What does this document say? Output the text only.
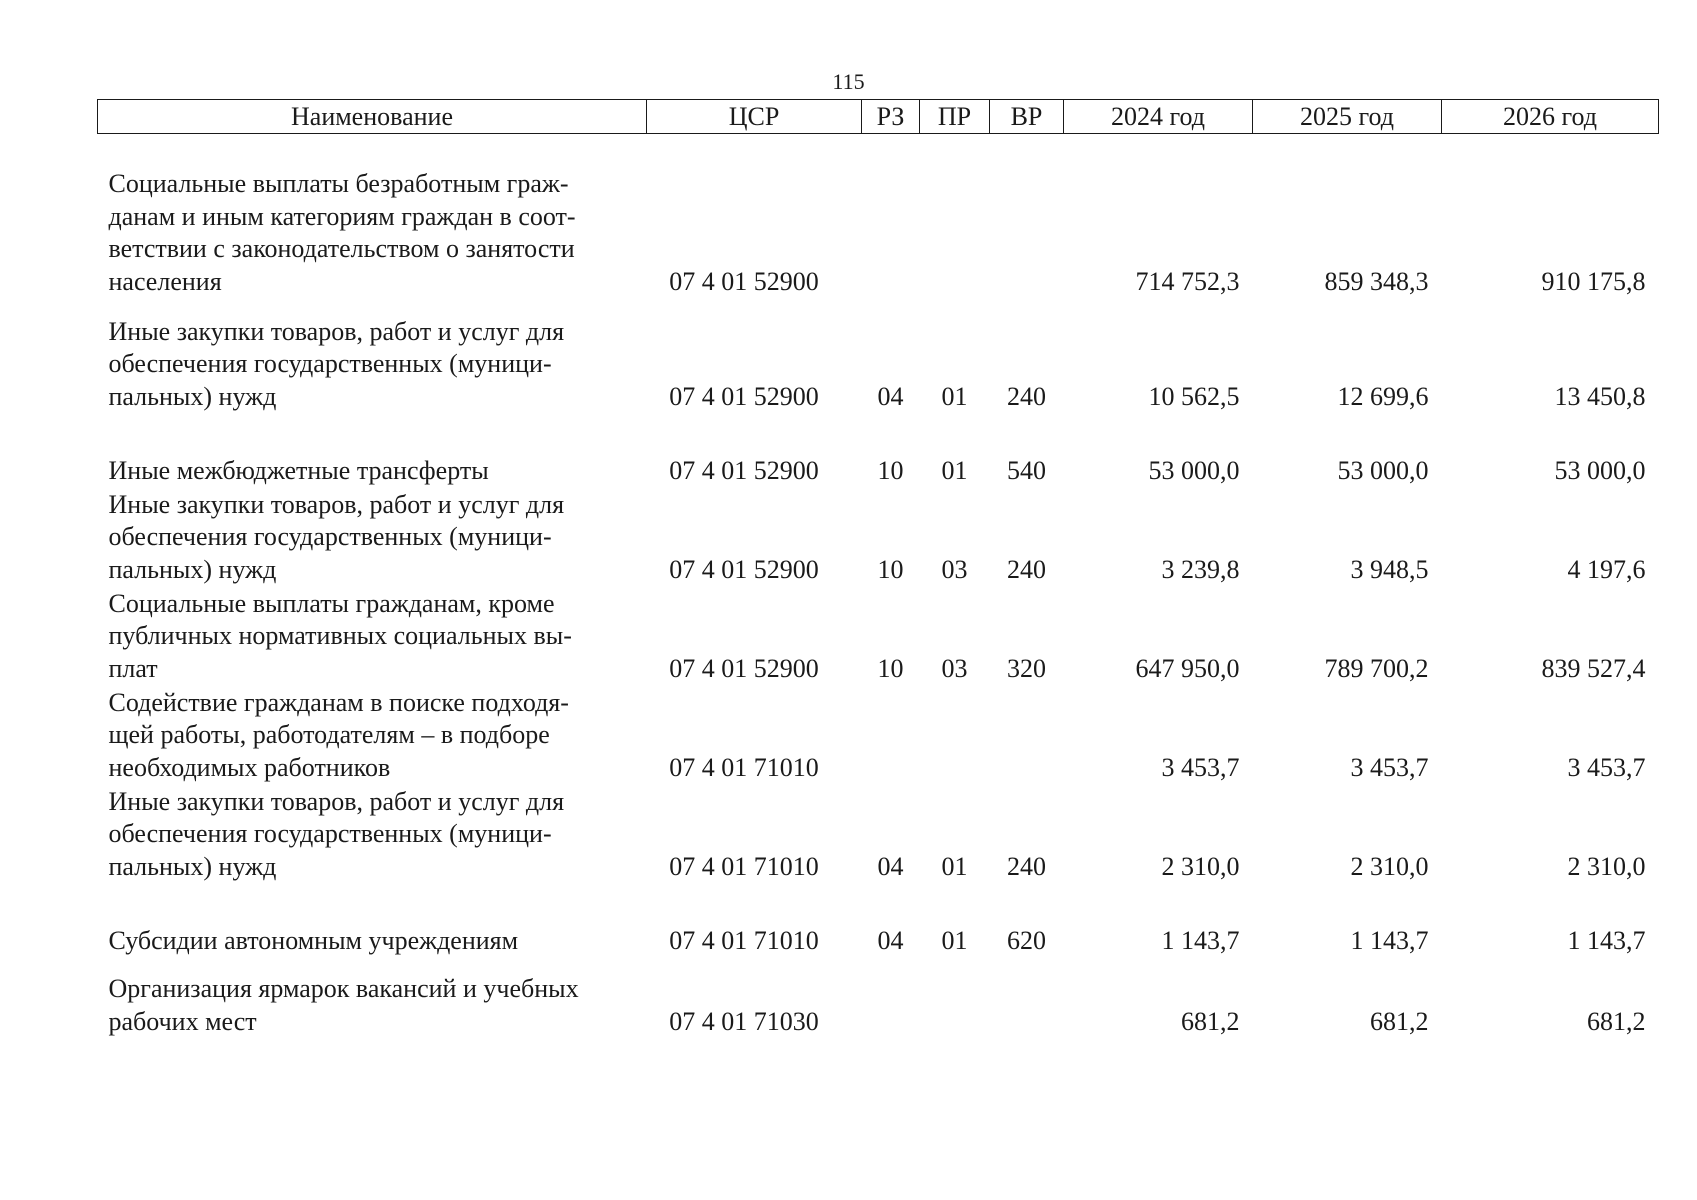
115
Наименование	ЦСР	РЗ	ПР	ВР	2024 год	2025 год	2026 год

Социальные выплаты безработным граж-
данам и иным категориям граждан в соот-
ветствии с законодательством о занятости
населения	07 4 01 52900				714 752,3	859 348,3	910 175,8

Иные закупки товаров, работ и услуг для
обеспечения государственных (муници-
пальных) нужд	07 4 01 52900	04	01	240	10 562,5	12 699,6	13 450,8

Иные межбюджетные трансферты	07 4 01 52900	10	01	540	53 000,0	53 000,0	53 000,0

Иные закупки товаров, работ и услуг для
обеспечения государственных (муници-
пальных) нужд	07 4 01 52900	10	03	240	3 239,8	3 948,5	4 197,6

Социальные выплаты гражданам, кроме
публичных нормативных социальных вы-
плат	07 4 01 52900	10	03	320	647 950,0	789 700,2	839 527,4

Содействие гражданам в поиске подходя-
щей работы, работодателям – в подборе
необходимых работников	07 4 01 71010				3 453,7	3 453,7	3 453,7

Иные закупки товаров, работ и услуг для
обеспечения государственных (муници-
пальных) нужд	07 4 01 71010	04	01	240	2 310,0	2 310,0	2 310,0

Субсидии автономным учреждениям	07 4 01 71010	04	01	620	1 143,7	1 143,7	1 143,7

Организация ярмарок вакансий и учебных
рабочих мест	07 4 01 71030				681,2	681,2	681,2
